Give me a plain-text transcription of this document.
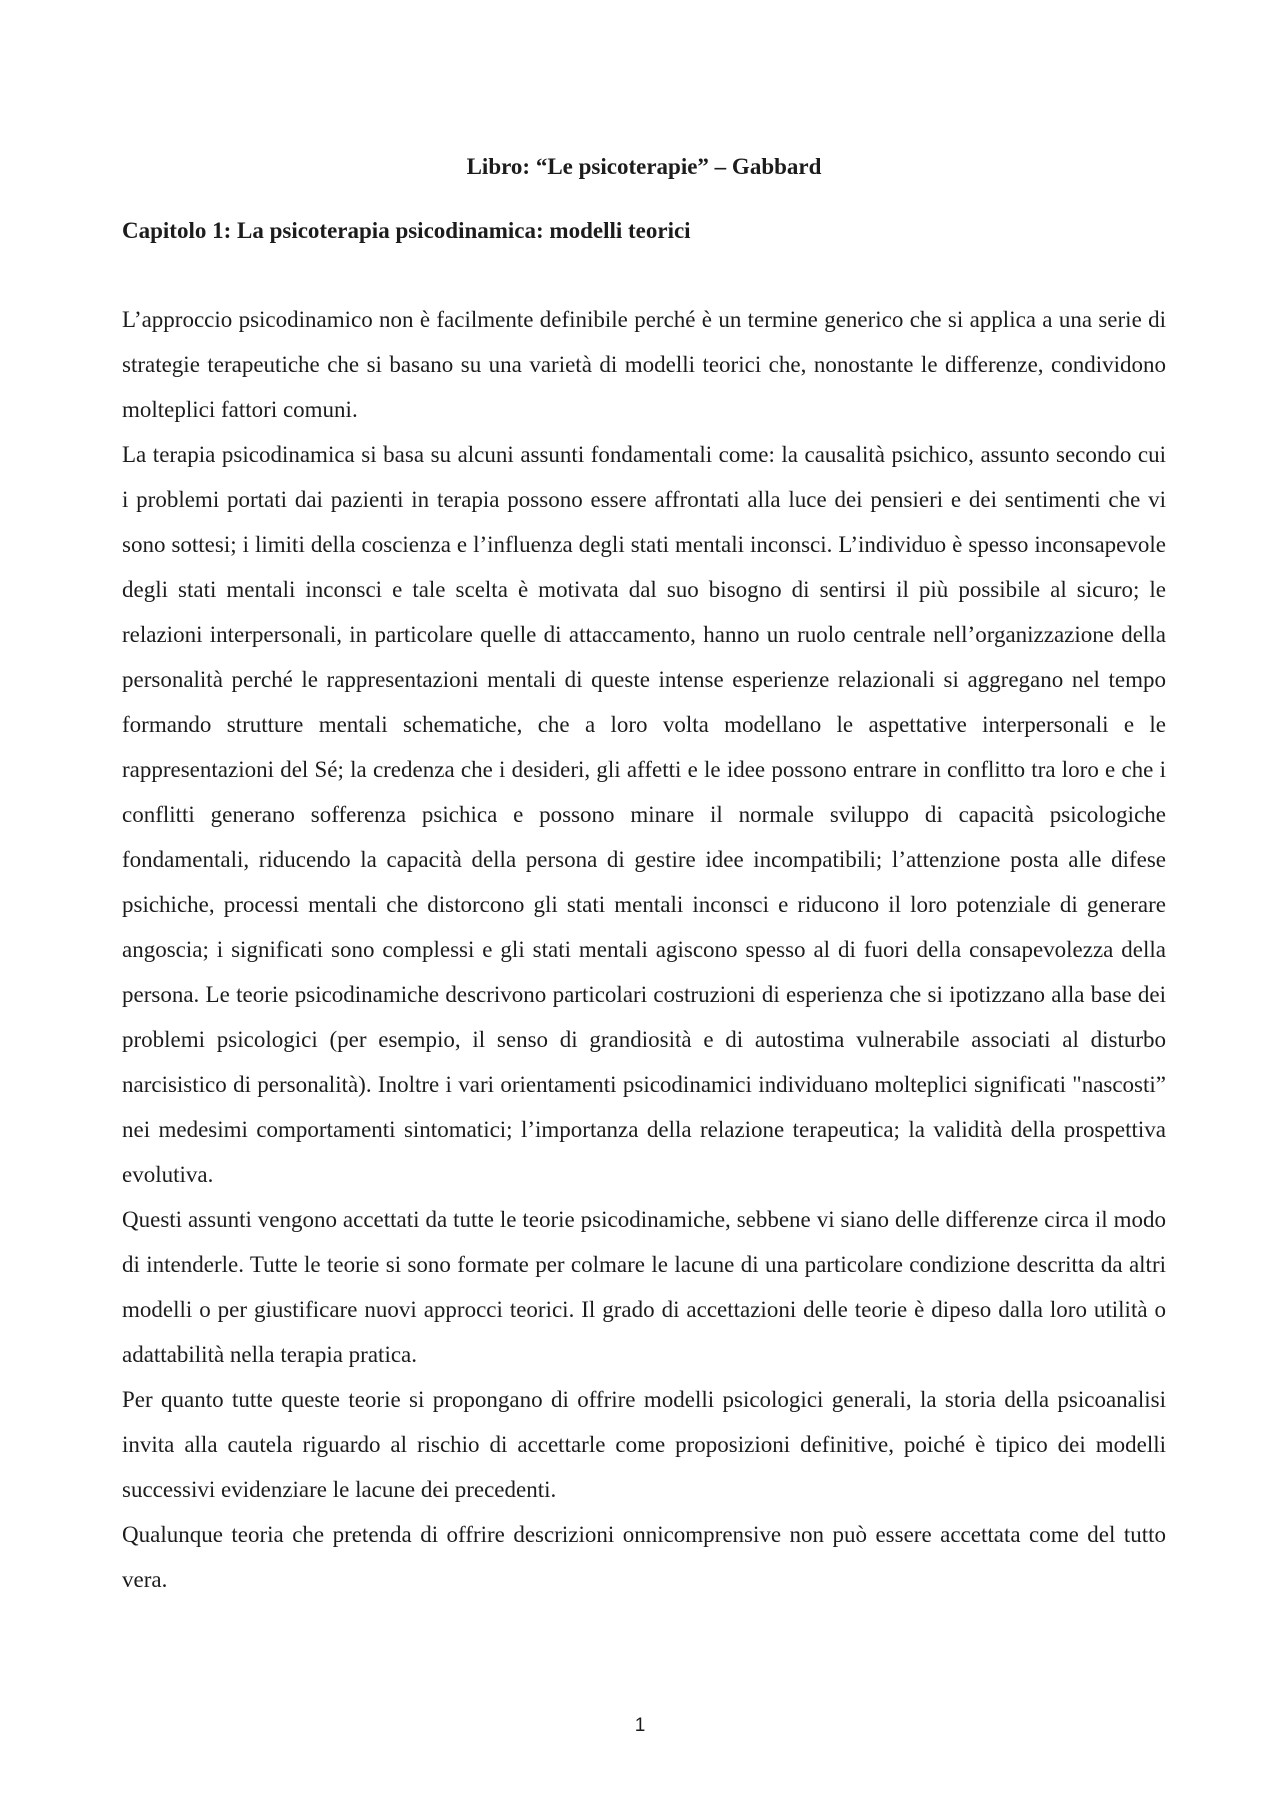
Libro: “Le psicoterapie” – Gabbard
Capitolo 1: La psicoterapia psicodinamica: modelli teorici

L’approccio psicodinamico non è facilmente definibile perché è un termine generico che si applica a una serie di strategie terapeutiche che si basano su una varietà di modelli teorici che, nonostante le differenze, condividono molteplici fattori comuni.

La terapia psicodinamica si basa su alcuni assunti fondamentali come: la causalità psichico, assunto secondo cui i problemi portati dai pazienti in terapia possono essere affrontati alla luce dei pensieri e dei sentimenti che vi sono sottesi; i limiti della coscienza e l’influenza degli stati mentali inconsci. L’individuo è spesso inconsapevole degli stati mentali inconsci e tale scelta è motivata dal suo bisogno di sentirsi il più possibile al sicuro; le relazioni interpersonali, in particolare quelle di attaccamento, hanno un ruolo centrale nell’organizzazione della personalità perché le rappresentazioni mentali di queste intense esperienze relazionali si aggregano nel tempo formando strutture mentali schematiche, che a loro volta modellano le aspettative interpersonali e le rappresentazioni del Sé; la credenza che i desideri, gli affetti e le idee possono entrare in conflitto tra loro e che i conflitti generano sofferenza psichica e possono minare il normale sviluppo di capacità psicologiche fondamentali, riducendo la capacità della persona di gestire idee incompatibili; l’attenzione posta alle difese psichiche, processi mentali che distorcono gli stati mentali inconsci e riducono il loro potenziale di generare angoscia; i significati sono complessi e gli stati mentali agiscono spesso al di fuori della consapevolezza della persona. Le teorie psicodinamiche descrivono particolari costruzioni di esperienza che si ipotizzano alla base dei problemi psicologici (per esempio, il senso di grandiosità e di autostima vulnerabile associati al disturbo narcisistico di personalità). Inoltre i vari orientamenti psicodinamici individuano molteplici significati "nascosti” nei medesimi comportamenti sintomatici; l’importanza della relazione terapeutica; la validità della prospettiva evolutiva.

Questi assunti vengono accettati da tutte le teorie psicodinamiche, sebbene vi siano delle differenze circa il modo di intenderle. Tutte le teorie si sono formate per colmare le lacune di una particolare condizione descritta da altri modelli o per giustificare nuovi approcci teorici. Il grado di accettazioni delle teorie è dipeso dalla loro utilità o adattabilità nella terapia pratica.

Per quanto tutte queste teorie si propongano di offrire modelli psicologici generali, la storia della psicoanalisi invita alla cautela riguardo al rischio di accettarle come proposizioni definitive, poiché è tipico dei modelli successivi evidenziare le lacune dei precedenti.

Qualunque teoria che pretenda di offrire descrizioni onnicomprensive non può essere accettata come del tutto vera.

1
